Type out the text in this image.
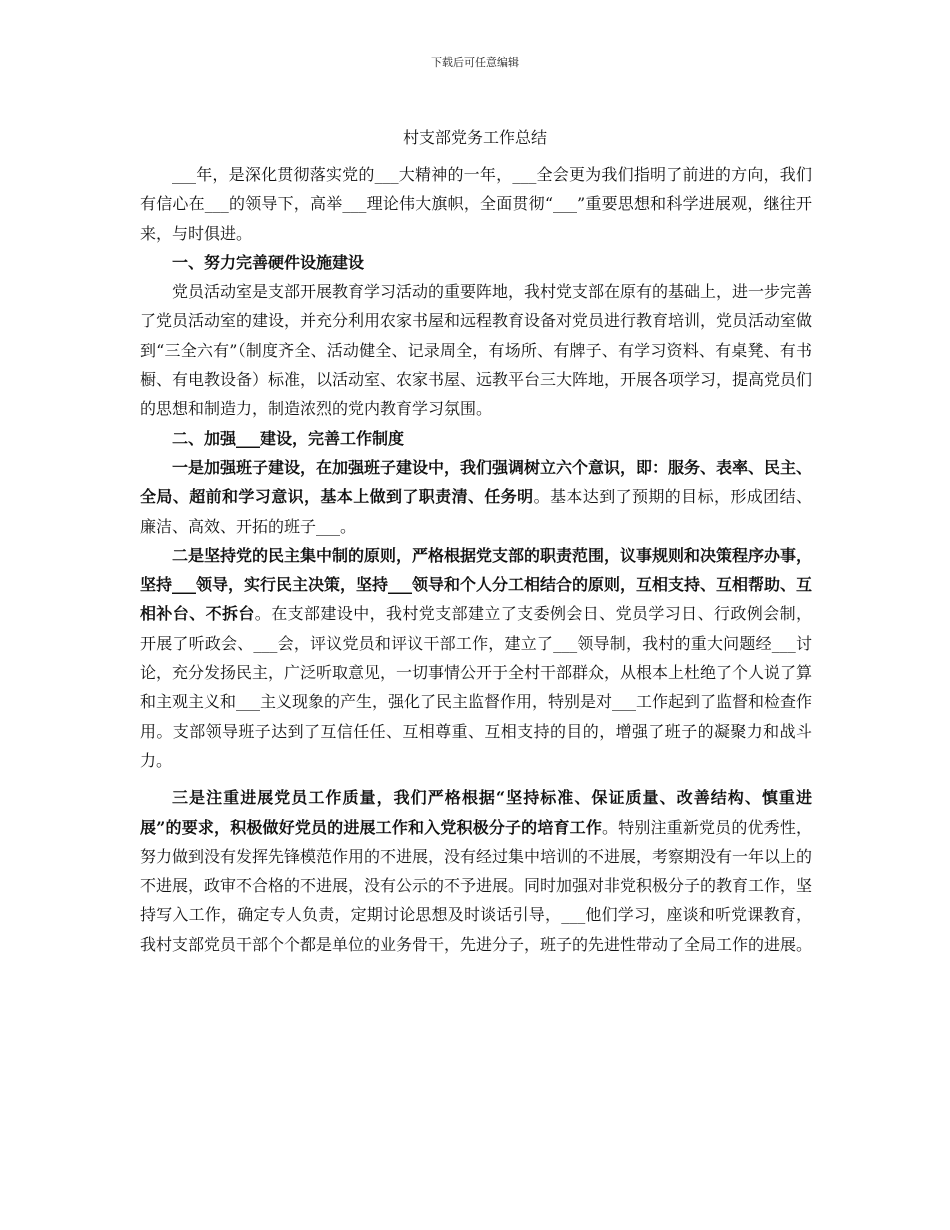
下载后可任意编辑
村支部党务工作总结

___年，是深化贯彻落实党的___大精神的一年，___全会更为我们指明了前进的方向，我们有信心在___的领导下，高举___理论伟大旗帜，全面贯彻“___”重要思想和科学进展观，继往开来，与时俱进。

一、努力完善硬件设施建设

党员活动室是支部开展教育学习活动的重要阵地，我村党支部在原有的基础上，进一步完善了党员活动室的建设，并充分利用农家书屋和远程教育设备对党员进行教育培训，党员活动室做到“三全六有”（制度齐全、活动健全、记录周全，有场所、有牌子、有学习资料、有桌凳、有书橱、有电教设备）标准，以活动室、农家书屋、远教平台三大阵地，开展各项学习，提高党员们的思想和制造力，制造浓烈的党内教育学习氛围。

二、加强___建设，完善工作制度

一是加强班子建设，在加强班子建设中，我们强调树立六个意识，即：服务、表率、民主、全局、超前和学习意识，基本上做到了职责清、任务明。基本达到了预期的目标，形成团结、廉洁、高效、开拓的班子___。

二是坚持党的民主集中制的原则，严格根据党支部的职责范围，议事规则和决策程序办事，坚持___领导，实行民主决策，坚持___领导和个人分工相结合的原则，互相支持、互相帮助、互相补台、不拆台。在支部建设中，我村党支部建立了支委例会日、党员学习日、行政例会制，开展了听政会、___会，评议党员和评议干部工作，建立了___领导制，我村的重大问题经___讨论，充分发扬民主，广泛听取意见，一切事情公开于全村干部群众，从根本上杜绝了个人说了算和主观主义和___主义现象的产生，强化了民主监督作用，特别是对___工作起到了监督和检查作用。支部领导班子达到了互信任任、互相尊重、互相支持的目的，增强了班子的凝聚力和战斗力。

三是注重进展党员工作质量，我们严格根据“坚持标准、保证质量、改善结构、慎重进展”的要求，积极做好党员的进展工作和入党积极分子的培育工作。特别注重新党员的优秀性，努力做到没有发挥先锋模范作用的不进展，没有经过集中培训的不进展，考察期没有一年以上的不进展，政审不合格的不进展，没有公示的不予进展。同时加强对非党积极分子的教育工作，坚持写入工作，确定专人负责，定期讨论思想及时谈话引导，___他们学习，座谈和听党课教育，我村支部党员干部个个都是单位的业务骨干，先进分子，班子的先进性带动了全局工作的进展。
